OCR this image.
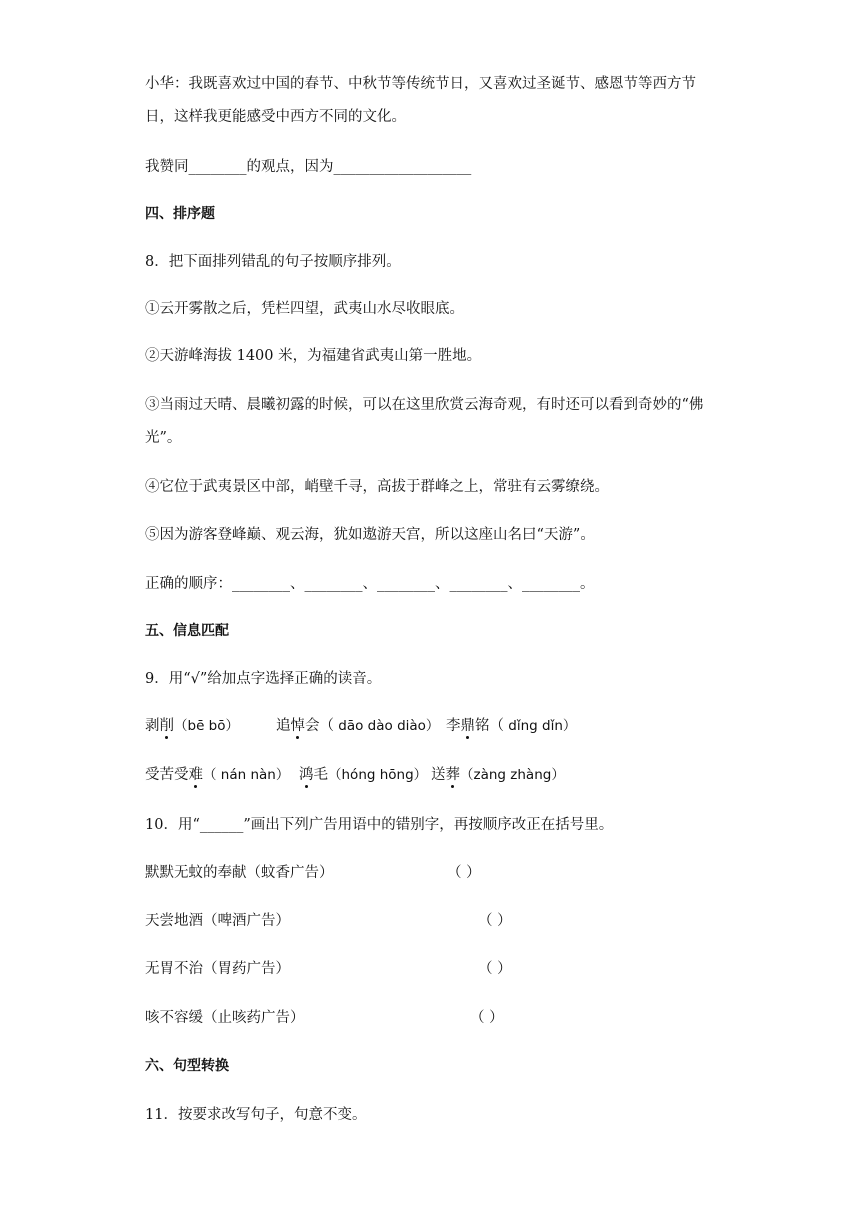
小华：我既喜欢过中国的春节、中秋节等传统节日，又喜欢过圣诞节、感恩节等西方节
日，这样我更能感受中西方不同的文化。
我赞同________的观点，因为___________________
四、排序题
8．把下面排列错乱的句子按顺序排列。
①云开雾散之后，凭栏四望，武夷山水尽收眼底。
②天游峰海拔 1400 米，为福建省武夷山第一胜地。
③当雨过天晴、晨曦初露的时候，可以在这里欣赏云海奇观，有时还可以看到奇妙的“佛
光”。
④它位于武夷景区中部，峭壁千寻，高拔于群峰之上，常驻有云雾缭绕。
⑤因为游客登峰巅、观云海，犹如遨游天宫，所以这座山名曰“天游”。
正确的顺序：________、________、________、________、________。
五、信息匹配
9．用“√”给加点字选择正确的读音。
剥削（bē bō）	追悼会（ dāo dào diào） 李鼎铭（ dǐng dǐn）
受苦受难（ nán nàn） 鸿毛（hóng hōng） 送葬（zàng zhàng）
10．用“______”画出下列广告用语中的错别字，再按顺序改正在括号里。
默默无蚊的奉献（蚊香广告）	（ ）
天尝地酒（啤酒广告）	（ ）
无胃不治（胃药广告）	（ ）
咳不容缓（止咳药广告）	（ ）
六、句型转换
11．按要求改写句子，句意不变。
